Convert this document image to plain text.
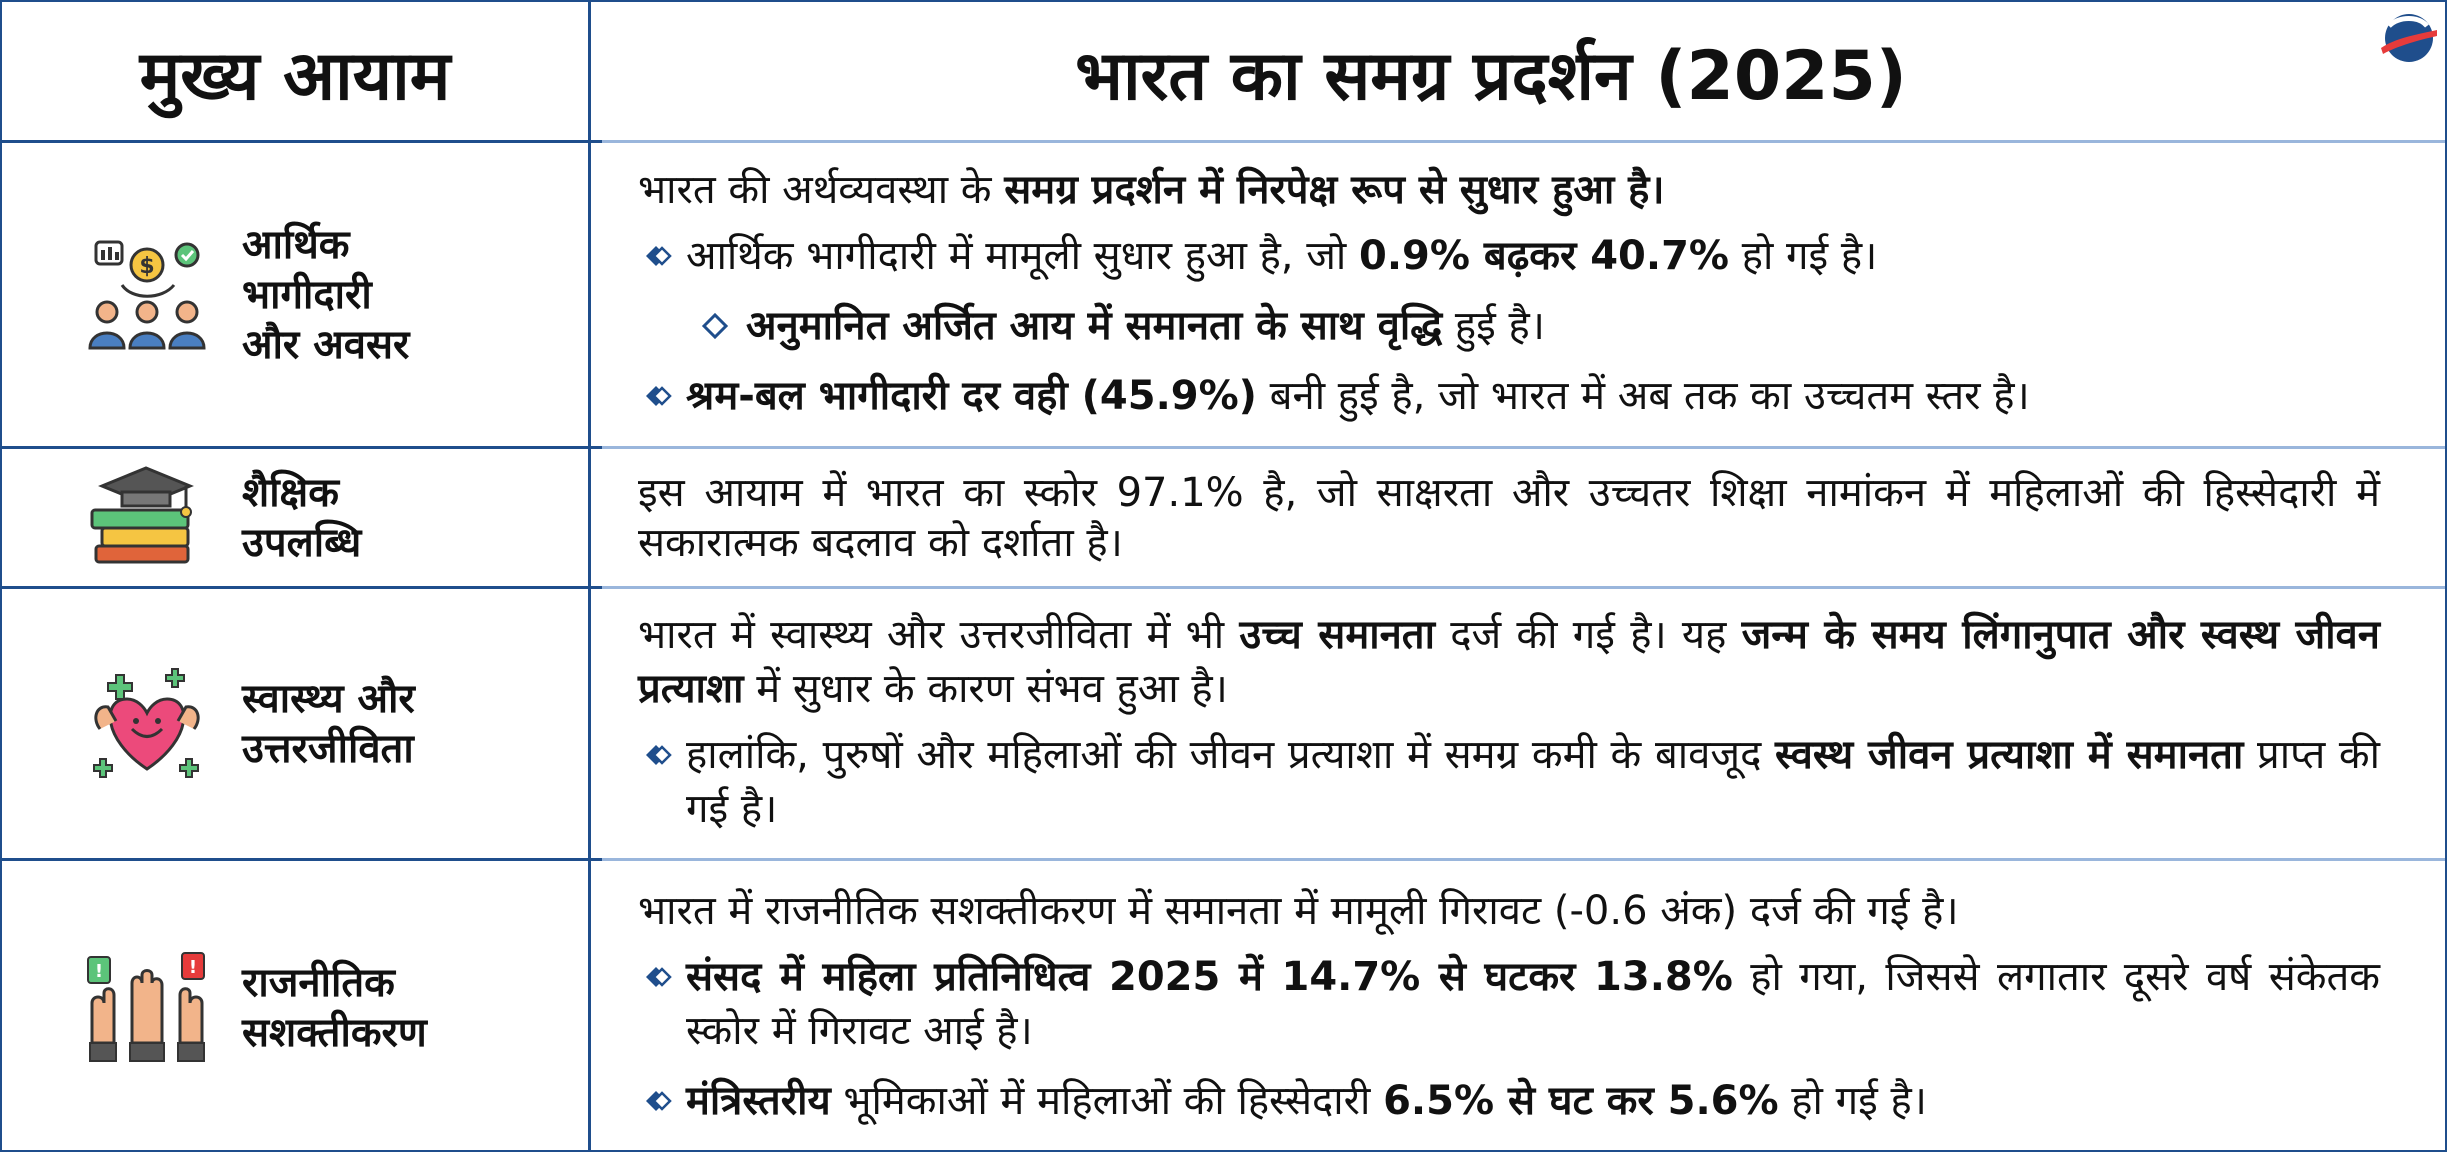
मुख्य आयाम	भारत का समग्र प्रदर्शन (2025)
$ आर्थिक
भागीदारी
और अवसर
भारत की अर्थव्यवस्था के समग्र प्रदर्शन में निरपेक्ष रूप से सुधार हुआ है।
आर्थिक भागीदारी में मामूली सुधार हुआ है, जो 0.9% बढ़कर 40.7% हो गई है।
अनुमानित अर्जित आय में समानता के साथ वृद्धि हुई है।
श्रम-बल भागीदारी दर वही (45.9%) बनी हुई है, जो भारत में अब तक का उच्चतम स्तर है।
शैक्षिक
उपलब्धि
इस आयाम में भारत का स्कोर 97.1% है, जो साक्षरता और उच्चतर शिक्षा नामांकन में महिलाओं की हिस्सेदारी में सकारात्मक बदलाव को दर्शाता है।
स्वास्थ्य और
उत्तरजीविता
भारत में स्वास्थ्य और उत्तरजीविता में भी उच्च समानता दर्ज की गई है। यह जन्म के समय लिंगानुपात और स्वस्थ जीवन प्रत्याशा में सुधार के कारण संभव हुआ है।
हालांकि, पुरुषों और महिलाओं की जीवन प्रत्याशा में समग्र कमी के बावजूद स्वस्थ जीवन प्रत्याशा में समानता प्राप्त की गई है।
!	! राजनीतिक
सशक्तीकरण
भारत में राजनीतिक सशक्तीकरण में समानता में मामूली गिरावट (-0.6 अंक) दर्ज की गई है।
संसद में महिला प्रतिनिधित्व 2025 में 14.7% से घटकर 13.8% हो गया, जिससे लगातार दूसरे वर्ष संकेतक स्कोर में गिरावट आई है।
मंत्रिस्तरीय भूमिकाओं में महिलाओं की हिस्सेदारी 6.5% से घट कर 5.6% हो गई है।
